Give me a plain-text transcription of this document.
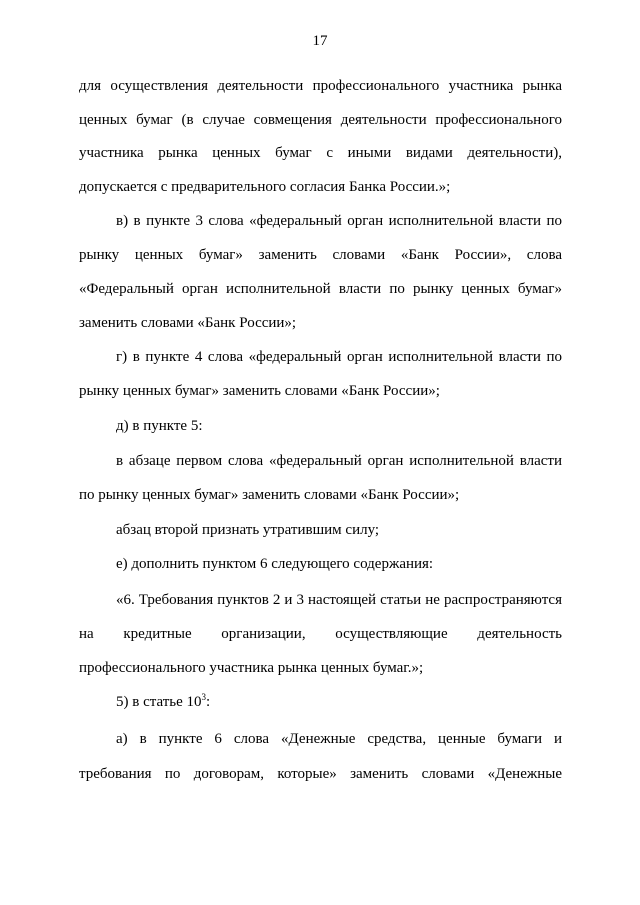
17
для осуществления деятельности профессионального участника рынка
ценных бумаг (в случае совмещения деятельности профессионального
участника рынка ценных бумаг с иными видами деятельности),
допускается с предварительного согласия Банка России.»;
в) в пункте 3 слова «федеральный орган исполнительной власти по
рынку ценных бумаг» заменить словами «Банк России», слова
«Федеральный орган исполнительной власти по рынку ценных бумаг»
заменить словами «Банк России»;
г) в пункте 4 слова «федеральный орган исполнительной власти по
рынку ценных бумаг» заменить словами «Банк России»;
д) в пункте 5:
в абзаце первом слова «федеральный орган исполнительной власти
по рынку ценных бумаг» заменить словами «Банк России»;
абзац второй признать утратившим силу;
е) дополнить пунктом 6 следующего содержания:
«6. Требования пунктов 2 и 3 настоящей статьи не распространяются
на кредитные организации, осуществляющие деятельность
профессионального участника рынка ценных бумаг.»;
5) в статье $10^3$:
а) в пункте 6 слова «Денежные средства, ценные бумаги и
требования по договорам, которые» заменить словами «Денежные
